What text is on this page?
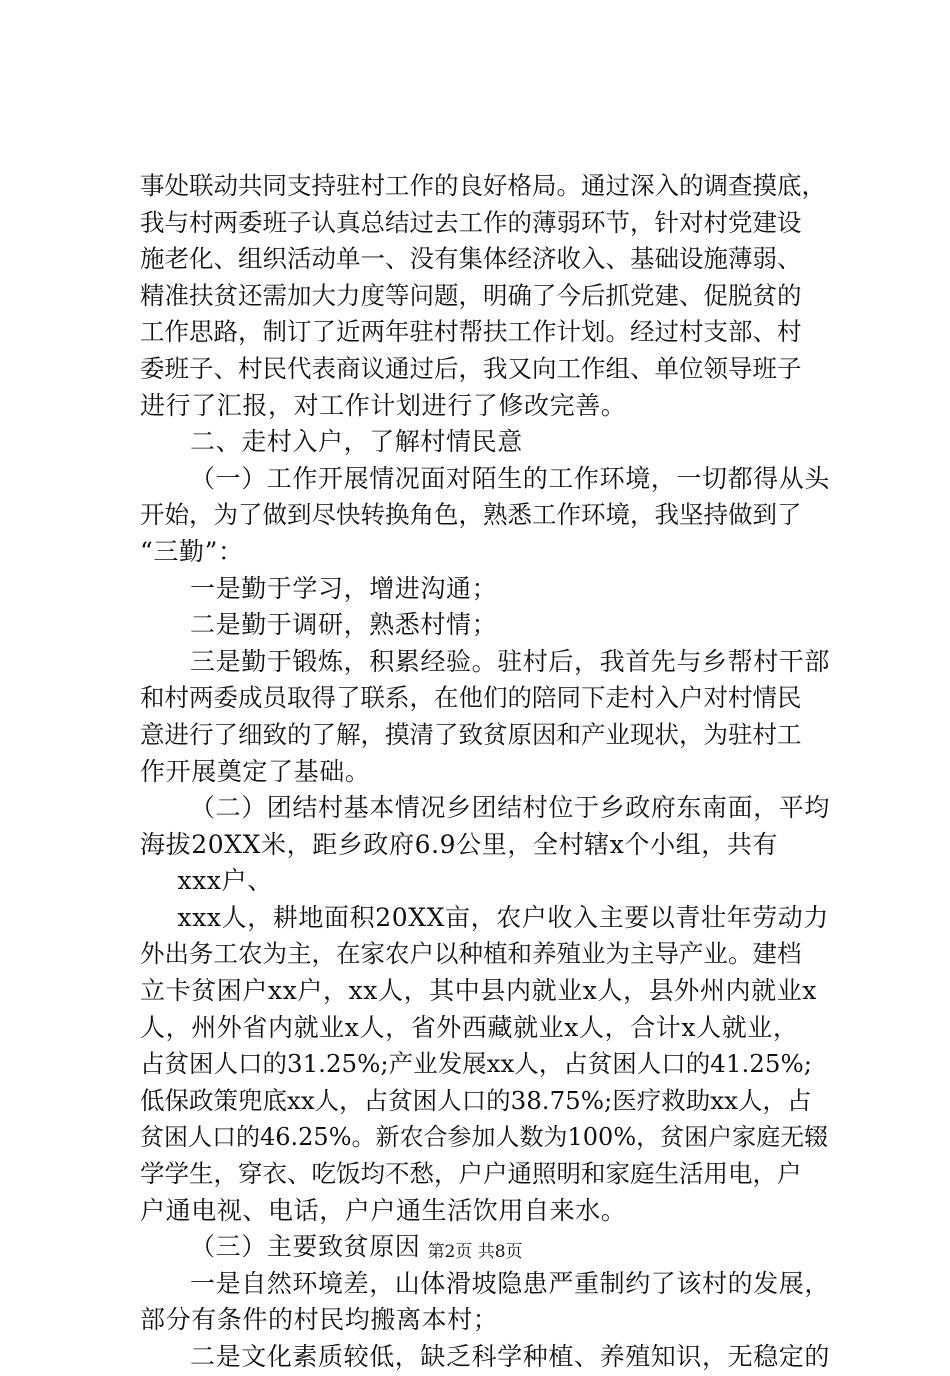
事处联动共同支持驻村工作的良好格局。通过深入的调查摸底，
我与村两委班子认真总结过去工作的薄弱环节，针对村党建设
施老化、组织活动单一、没有集体经济收入、基础设施薄弱、
精准扶贫还需加大力度等问题，明确了今后抓党建、促脱贫的
工作思路，制订了近两年驻村帮扶工作计划。经过村支部、村
委班子、村民代表商议通过后，我又向工作组、单位领导班子
进行了汇报，对工作计划进行了修改完善。
二、走村入户，了解村情民意
（一）工作开展情况面对陌生的工作环境，一切都得从头
开始，为了做到尽快转换角色，熟悉工作环境，我坚持做到了
“三勤”：
一是勤于学习，增进沟通；
二是勤于调研，熟悉村情；
三是勤于锻炼，积累经验。驻村后，我首先与乡帮村干部
和村两委成员取得了联系，在他们的陪同下走村入户对村情民
意进行了细致的了解，摸清了致贫原因和产业现状，为驻村工
作开展奠定了基础。
（二）团结村基本情况乡团结村位于乡政府东南面，平均
海拔20XX米，距乡政府6.9公里，全村辖x个小组，共有
xxx户、
xxx人，耕地面积20XX亩，农户收入主要以青壮年劳动力
外出务工农为主，在家农户以种植和养殖业为主导产业。建档
立卡贫困户xx户，xx人，其中县内就业x人，县外州内就业x
人，州外省内就业x人，省外西藏就业x人，合计x人就业，
占贫困人口的31.25%;产业发展xx人，占贫困人口的41.25%;
低保政策兜底xx人，占贫困人口的38.75%;医疗救助xx人，占
贫困人口的46.25%。新农合参加人数为100%，贫困户家庭无辍
学学生，穿衣、吃饭均不愁，户户通照明和家庭生活用电，户
户通电视、电话，户户通生活饮用自来水。
（三）主要致贫原因
一是自然环境差，山体滑坡隐患严重制约了该村的发展，
部分有条件的村民均搬离本村；
二是文化素质较低，缺乏科学种植、养殖知识，无稳定的
第2页 共8页
